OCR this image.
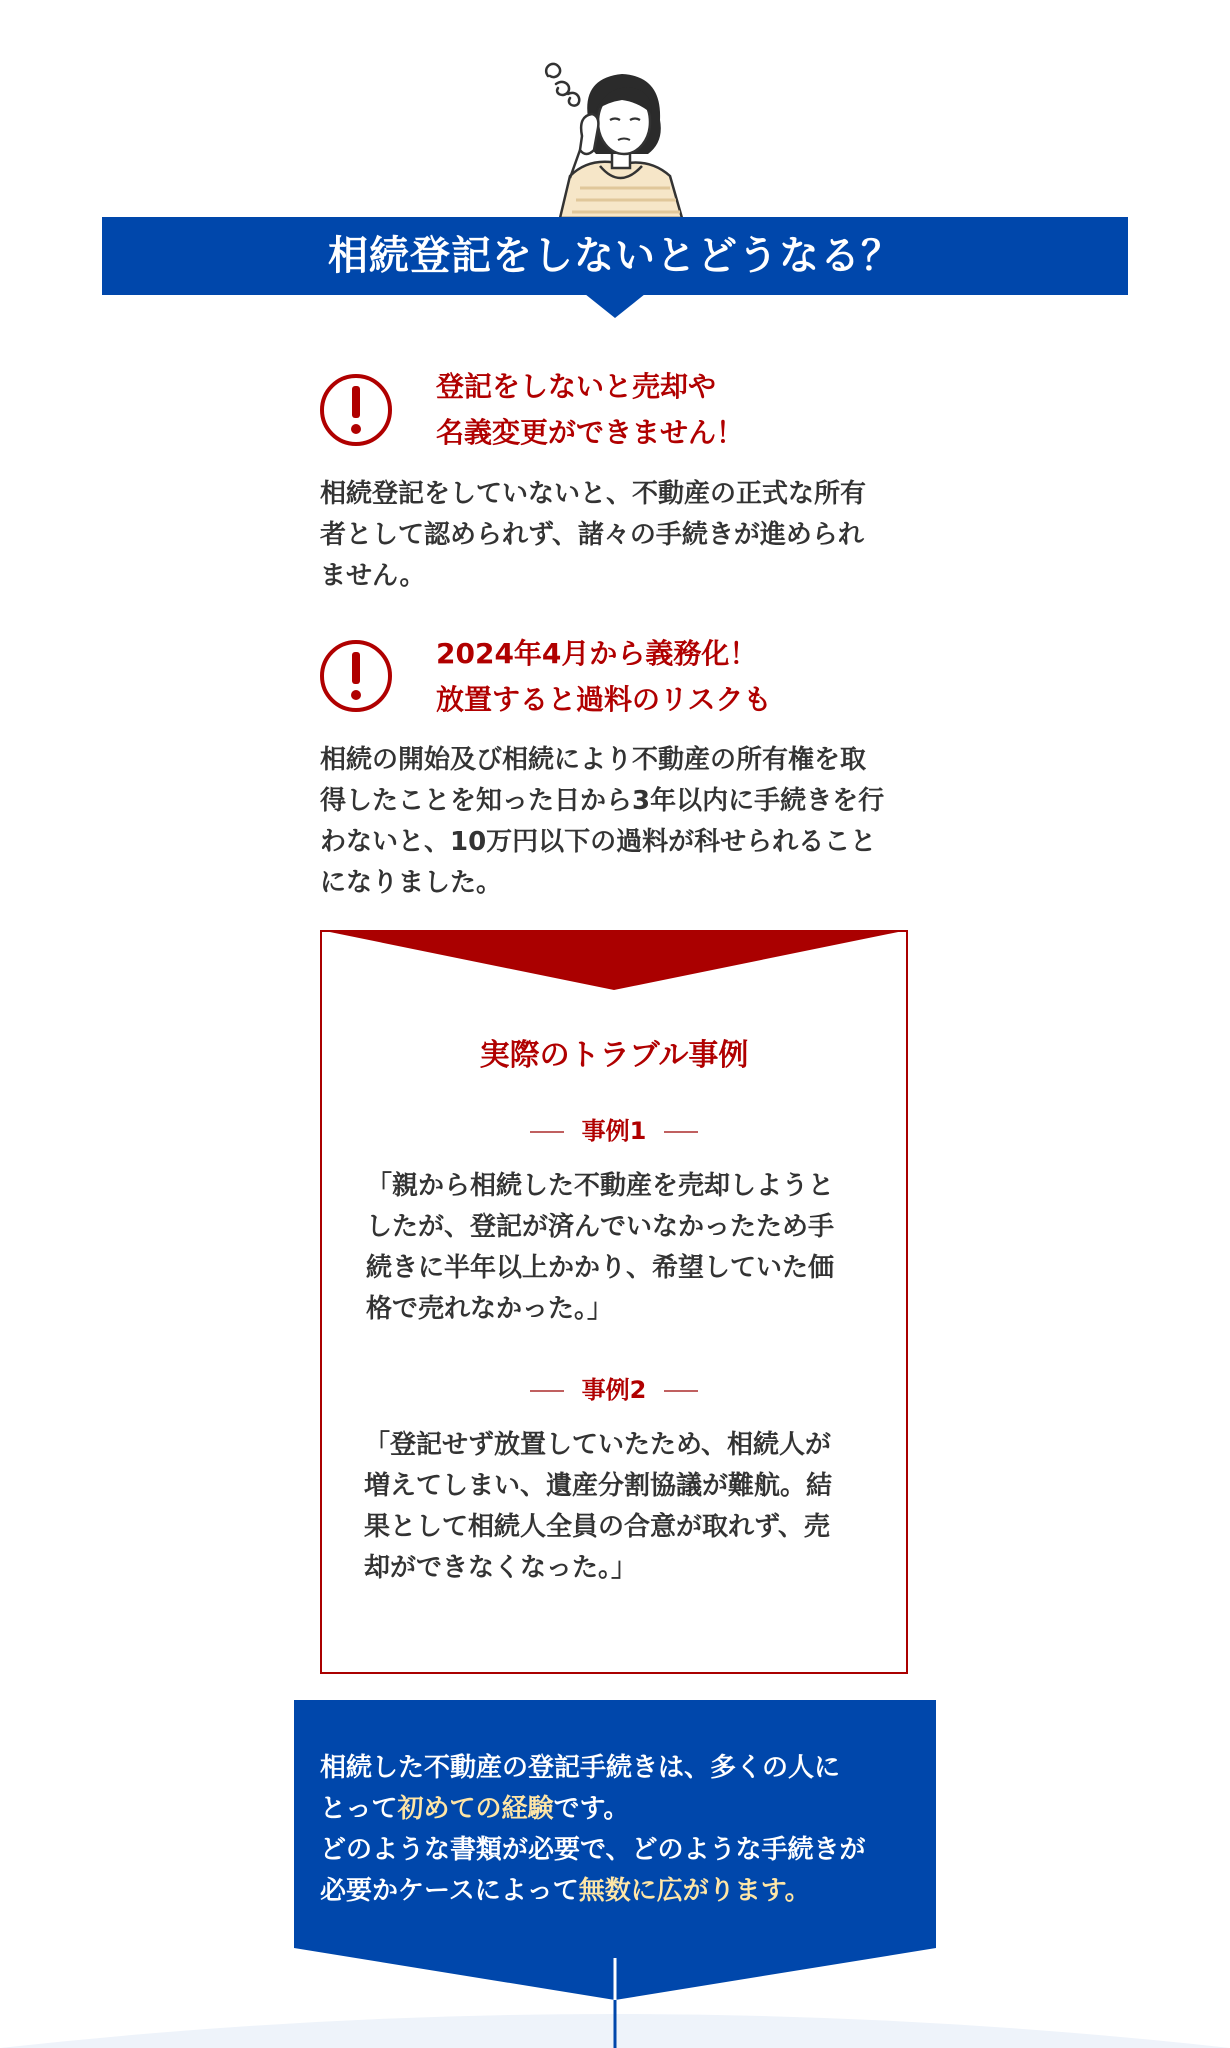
相続登記をしないとどうなる？
登記をしないと売却や
名義変更ができません！
相続登記をしていないと、不動産の正式な所有
者として認められず、諸々の手続きが進められ
ません。
2024年4月から義務化！
放置すると過料のリスクも
相続の開始及び相続により不動産の所有権を取
得したことを知った日から3年以内に手続きを行
わないと、10万円以下の過料が科せられること
になりました。
実際のトラブル事例
事例1
「親から相続した不動産を売却しようと
したが、登記が済んでいなかったため手
続きに半年以上かかり、希望していた価
格で売れなかった。」
事例2
「登記せず放置していたため、相続人が
増えてしまい、遺産分割協議が難航。結
果として相続人全員の合意が取れず、売
却ができなくなった。」
相続した不動産の登記手続きは、多くの人に
とって初めての経験です。
どのような書類が必要で、どのような手続きが
必要かケースによって無数に広がります。
